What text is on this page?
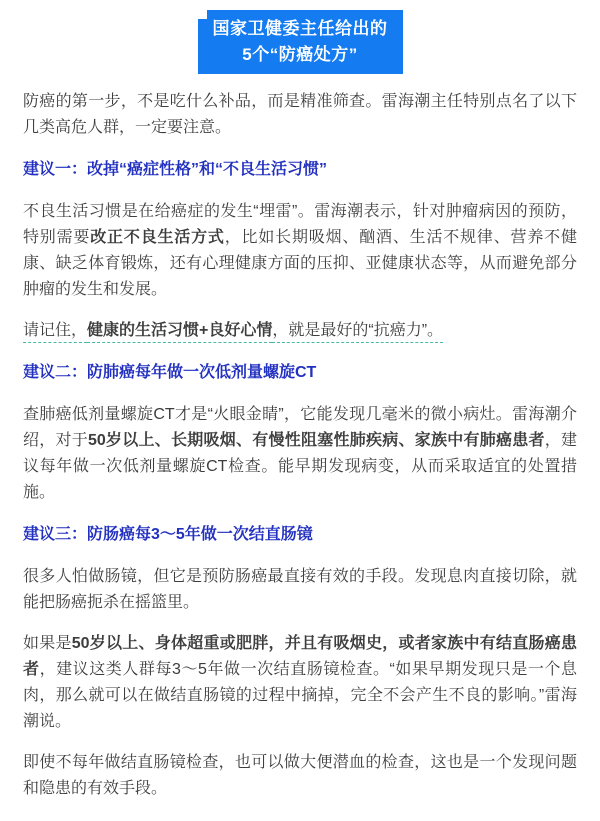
国家卫健委主任给出的
5个“防癌处方”

防癌的第一步，不是吃什么补品，而是精准筛查。雷海潮主任特别点名了以下几类高危人群，一定要注意。

建议一：改掉“癌症性格”和“不良生活习惯”

不良生活习惯是在给癌症的发生“埋雷”。雷海潮表示，针对肿瘤病因的预防，特别需要改正不良生活方式，比如长期吸烟、酗酒、生活不规律、营养不健康、缺乏体育锻炼，还有心理健康方面的压抑、亚健康状态等，从而避免部分肿瘤的发生和发展。

请记住，健康的生活习惯+良好心情，就是最好的“抗癌力”。

建议二：防肺癌每年做一次低剂量螺旋CT

查肺癌低剂量螺旋CT才是“火眼金睛”，它能发现几毫米的微小病灶。雷海潮介绍，对于50岁以上、长期吸烟、有慢性阻塞性肺疾病、家族中有肺癌患者，建议每年做一次低剂量螺旋CT检查。能早期发现病变，从而采取适宜的处置措施。

建议三：防肠癌每3～5年做一次结直肠镜

很多人怕做肠镜，但它是预防肠癌最直接有效的手段。发现息肉直接切除，就能把肠癌扼杀在摇篮里。

如果是50岁以上、身体超重或肥胖，并且有吸烟史，或者家族中有结直肠癌患者，建议这类人群每3～5年做一次结直肠镜检查。“如果早期发现只是一个息肉，那么就可以在做结直肠镜的过程中摘掉，完全不会产生不良的影响。”雷海潮说。

即使不每年做结直肠镜检查，也可以做大便潜血的检查，这也是一个发现问题和隐患的有效手段。
